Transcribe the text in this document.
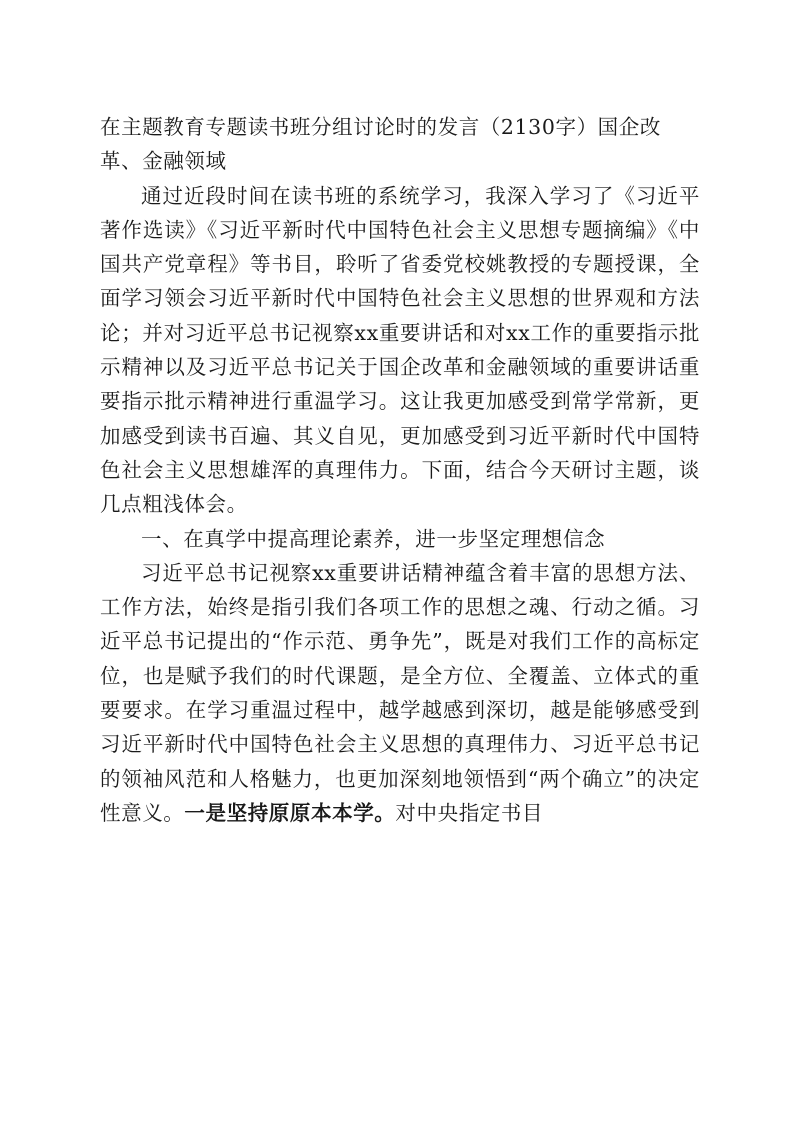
在主题教育专题读书班分组讨论时的发言（2130字）国企改革、金融领域

通过近段时间在读书班的系统学习，我深入学习了《习近平著作选读》《习近平新时代中国特色社会主义思想专题摘编》《中国共产党章程》等书目，聆听了省委党校姚教授的专题授课，全面学习领会习近平新时代中国特色社会主义思想的世界观和方法论；并对习近平总书记视察xx重要讲话和对xx工作的重要指示批示精神以及习近平总书记关于国企改革和金融领域的重要讲话重要指示批示精神进行重温学习。这让我更加感受到常学常新，更加感受到读书百遍、其义自见，更加感受到习近平新时代中国特色社会主义思想雄浑的真理伟力。下面，结合今天研讨主题，谈几点粗浅体会。

一、在真学中提高理论素养，进一步坚定理想信念

习近平总书记视察xx重要讲话精神蕴含着丰富的思想方法、工作方法，始终是指引我们各项工作的思想之魂、行动之循。习近平总书记提出的“作示范、勇争先”，既是对我们工作的高标定位，也是赋予我们的时代课题，是全方位、全覆盖、立体式的重要要求。在学习重温过程中，越学越感到深切，越是能够感受到习近平新时代中国特色社会主义思想的真理伟力、习近平总书记的领袖风范和人格魅力，也更加深刻地领悟到“两个确立”的决定性意义。一是坚持原原本本学。对中央指定书目
